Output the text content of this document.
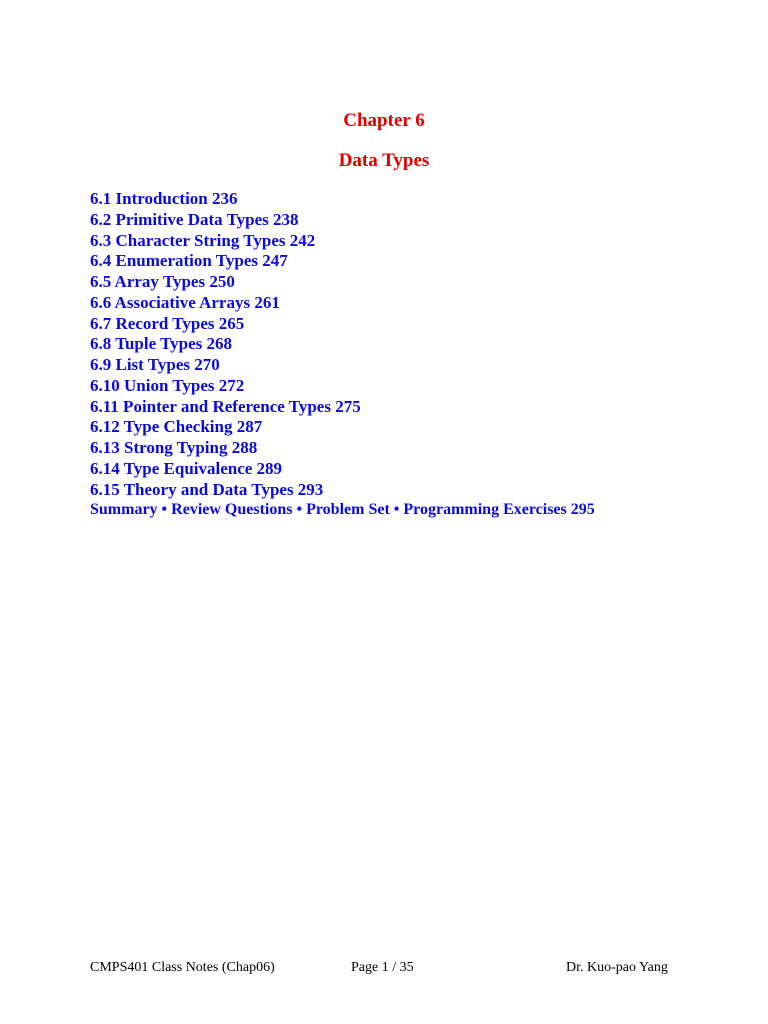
Chapter 6
Data Types
6.1 Introduction 236
6.2 Primitive Data Types 238
6.3 Character String Types 242
6.4 Enumeration Types 247
6.5 Array Types 250
6.6 Associative Arrays 261
6.7 Record Types 265
6.8 Tuple Types 268
6.9 List Types 270
6.10 Union Types 272
6.11 Pointer and Reference Types 275
6.12 Type Checking 287
6.13 Strong Typing 288
6.14 Type Equivalence 289
6.15 Theory and Data Types 293
Summary • Review Questions • Problem Set • Programming Exercises 295
CMPS401 Class Notes (Chap06)	Page 1 / 35	Dr. Kuo-pao Yang
